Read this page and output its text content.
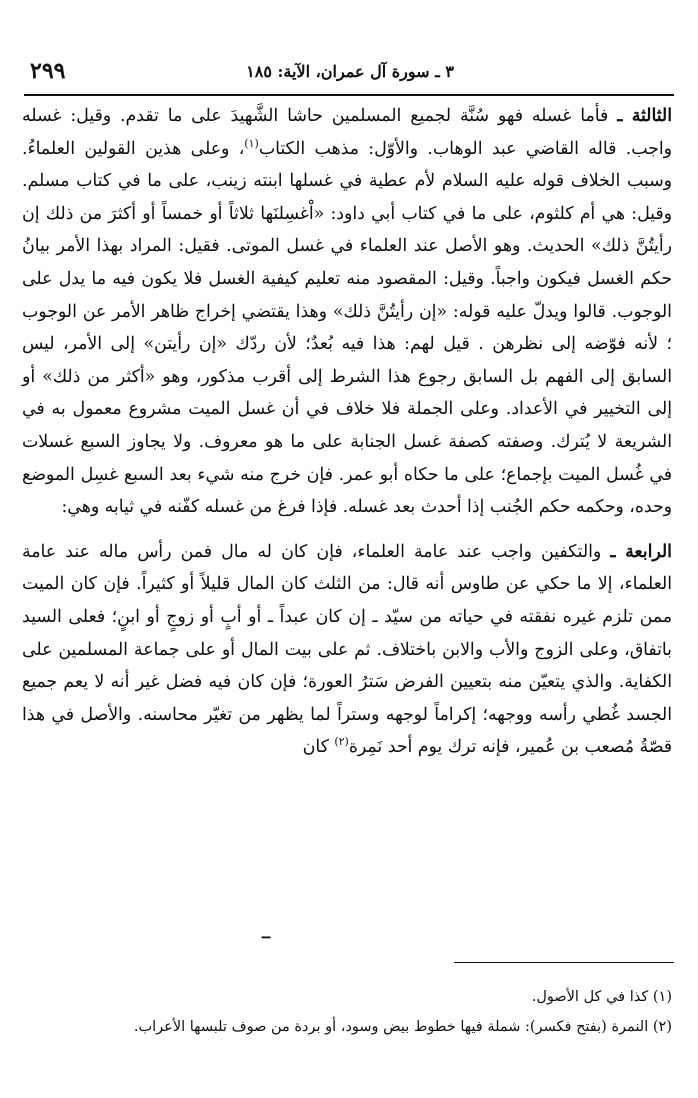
٣ ـ سورة آل عمران، الآية: ١٨٥
٢٩٩

الثالثة ـ فأما غسله فهو سُنَّة لجميع المسلمين حاشا الشَّهيدَ على ما تقدم. وقيل: غسله واجب. قاله القاضي عبد الوهاب. والأوّل: مذهب الكتاب$^{(١)}$، وعلى هذين القولين العلماءُ. وسبب الخلاف قوله عليه السلام لأم عطية في غسلها ابنته زينب، على ما في كتاب مسلم. وقيل: هي أم كلثوم، على ما في كتاب أبي داود: «اْغسِلنَها ثلاثاً أو خمساً أو أكثرَ من ذلك إن رأيتُنَّ ذلك» الحديث. وهو الأصل عند العلماء في غسل الموتى. فقيل: المراد بهذا الأمر بيانُ حكم الغسل فيكون واجباً. وقيل: المقصود منه تعليم كيفية الغسل فلا يكون فيه ما يدل على الوجوب. قالوا ويدلّ عليه قوله: «إن رأيتُنَّ ذلك» وهذا يقتضي إخراج ظاهر الأمر عن الوجوب ؛ لأنه فوّضه إلى نظرهن . قيل لهم: هذا فيه بُعدٌ؛ لأن ردّك «إن رأيتن» إلى الأمر، ليس السابق إلى الفهم بل السابق رجوع هذا الشرط إلى أقرب مذكور، وهو «أكثر من ذلك» أو إلى التخيير في الأعداد. وعلى الجملة فلا خلاف في أن غسل الميت مشروع معمول به في الشريعة لا يُترك. وصفته كصفة غسل الجنابة على ما هو معروف. ولا يجاوز السبع غسلات في غُسل الميت بإجماع؛ على ما حكاه أبو عمر. فإن خرج منه شيء بعد السبع غسِل الموضع وحده، وحكمه حكم الجُنب إذا أحدث بعد غسله. فإذا فرغ من غسله كفّنه في ثيابه وهي:

الرابعة ـ والتكفين واجب عند عامة العلماء، فإن كان له مال فمن رأس ماله عند عامة العلماء، إلا ما حكي عن طاوس أنه قال: من الثلث كان المال قليلاً أو كثيراً. فإن كان الميت ممن تلزم غيره نفقته في حياته من سيّد ـ إن كان عبداً ـ أو أبٍ أو زوجٍ أو ابنٍ؛ فعلى السيد باتفاق، وعلى الزوج والأب والابن باختلاف. ثم على بيت المال أو على جماعة المسلمين على الكفاية. والذي يتعيّن منه بتعيين الفرض سَترُ العورة؛ فإن كان فيه فضل غير أنه لا يعم جميع الجسد غُطي رأسه ووجهه؛ إكراماً لوجهه وستراً لما يظهر من تغيّر محاسنه. والأصل في هذا قصّةُ مُصعب بن عُمير، فإنه ترك يوم أحد نَمِرة$^{(٢)}$ كان

ــ

(١) كذا في كل الأصول.

(٢) النمرة (بفتح فكسر): شملة فيها خطوط بيض وسود، أو بردة من صوف تلبسها الأعراب.
